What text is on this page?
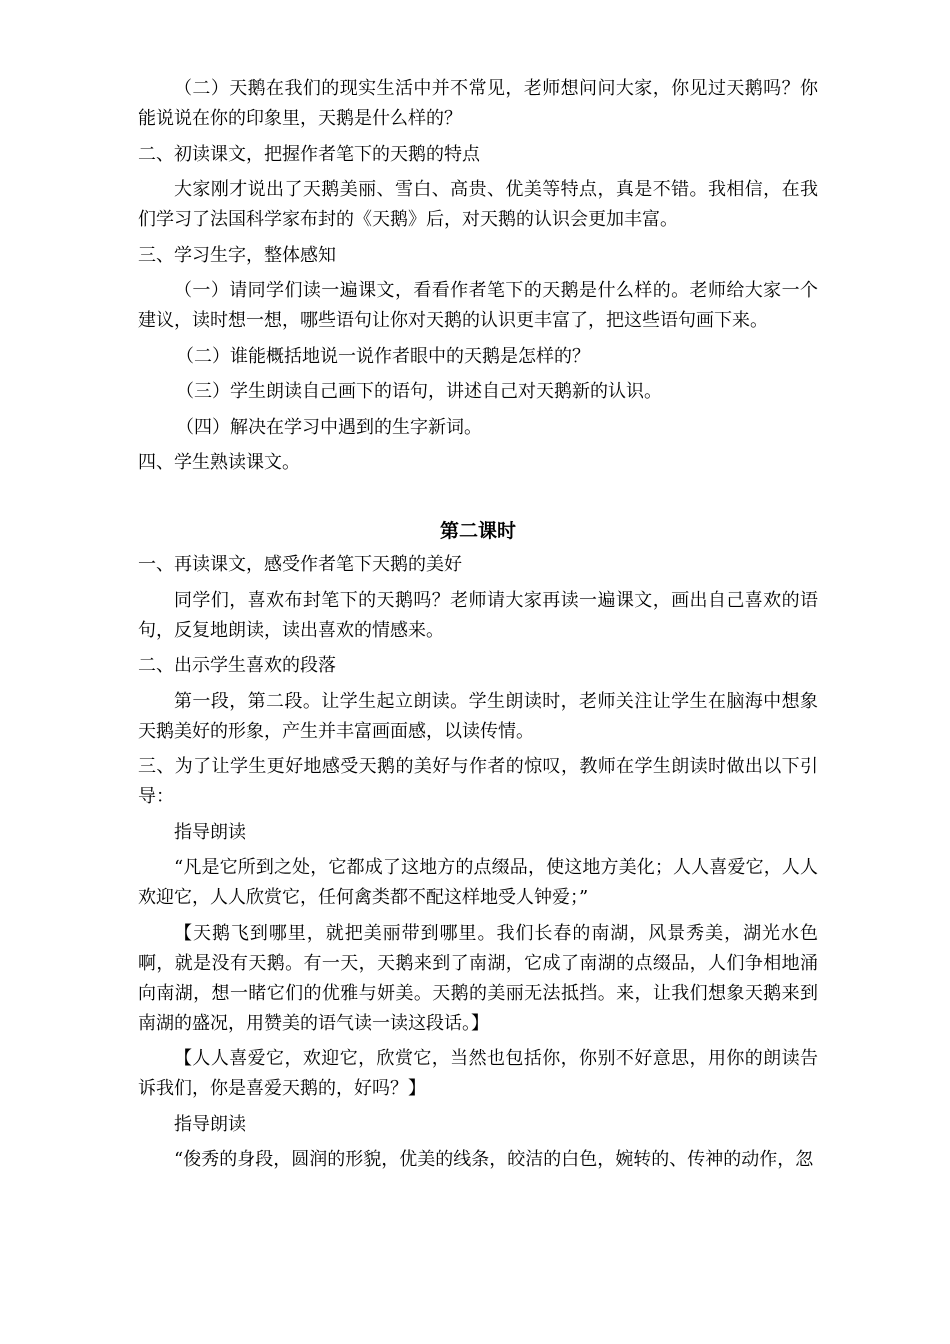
（二）天鹅在我们的现实生活中并不常见，老师想问问大家，你见过天鹅吗？你能说说在你的印象里，天鹅是什么样的？

二、初读课文，把握作者笔下的天鹅的特点

大家刚才说出了天鹅美丽、雪白、高贵、优美等特点，真是不错。我相信，在我们学习了法国科学家布封的《天鹅》后，对天鹅的认识会更加丰富。

三、学习生字，整体感知

（一）请同学们读一遍课文，看看作者笔下的天鹅是什么样的。老师给大家一个建议，读时想一想，哪些语句让你对天鹅的认识更丰富了，把这些语句画下来。

（二）谁能概括地说一说作者眼中的天鹅是怎样的？

（三）学生朗读自己画下的语句，讲述自己对天鹅新的认识。

（四）解决在学习中遇到的生字新词。

四、学生熟读课文。

第二课时

一、再读课文，感受作者笔下天鹅的美好

同学们，喜欢布封笔下的天鹅吗？老师请大家再读一遍课文，画出自己喜欢的语句，反复地朗读，读出喜欢的情感来。

二、出示学生喜欢的段落

第一段，第二段。让学生起立朗读。学生朗读时，老师关注让学生在脑海中想象天鹅美好的形象，产生并丰富画面感，以读传情。

三、为了让学生更好地感受天鹅的美好与作者的惊叹，教师在学生朗读时做出以下引导：

指导朗读

“凡是它所到之处，它都成了这地方的点缀品，使这地方美化；人人喜爱它，人人欢迎它，人人欣赏它，任何禽类都不配这样地受人钟爱；”

【天鹅飞到哪里，就把美丽带到哪里。我们长春的南湖，风景秀美，湖光水色啊，就是没有天鹅。有一天，天鹅来到了南湖，它成了南湖的点缀品，人们争相地涌向南湖，想一睹它们的优雅与妍美。天鹅的美丽无法抵挡。来，让我们想象天鹅来到南湖的盛况，用赞美的语气读一读这段话。】

【人人喜爱它，欢迎它，欣赏它，当然也包括你，你别不好意思，用你的朗读告诉我们，你是喜爱天鹅的，好吗？】

指导朗读

“俊秀的身段，圆润的形貌，优美的线条，皎洁的白色，婉转的、传神的动作，忽
